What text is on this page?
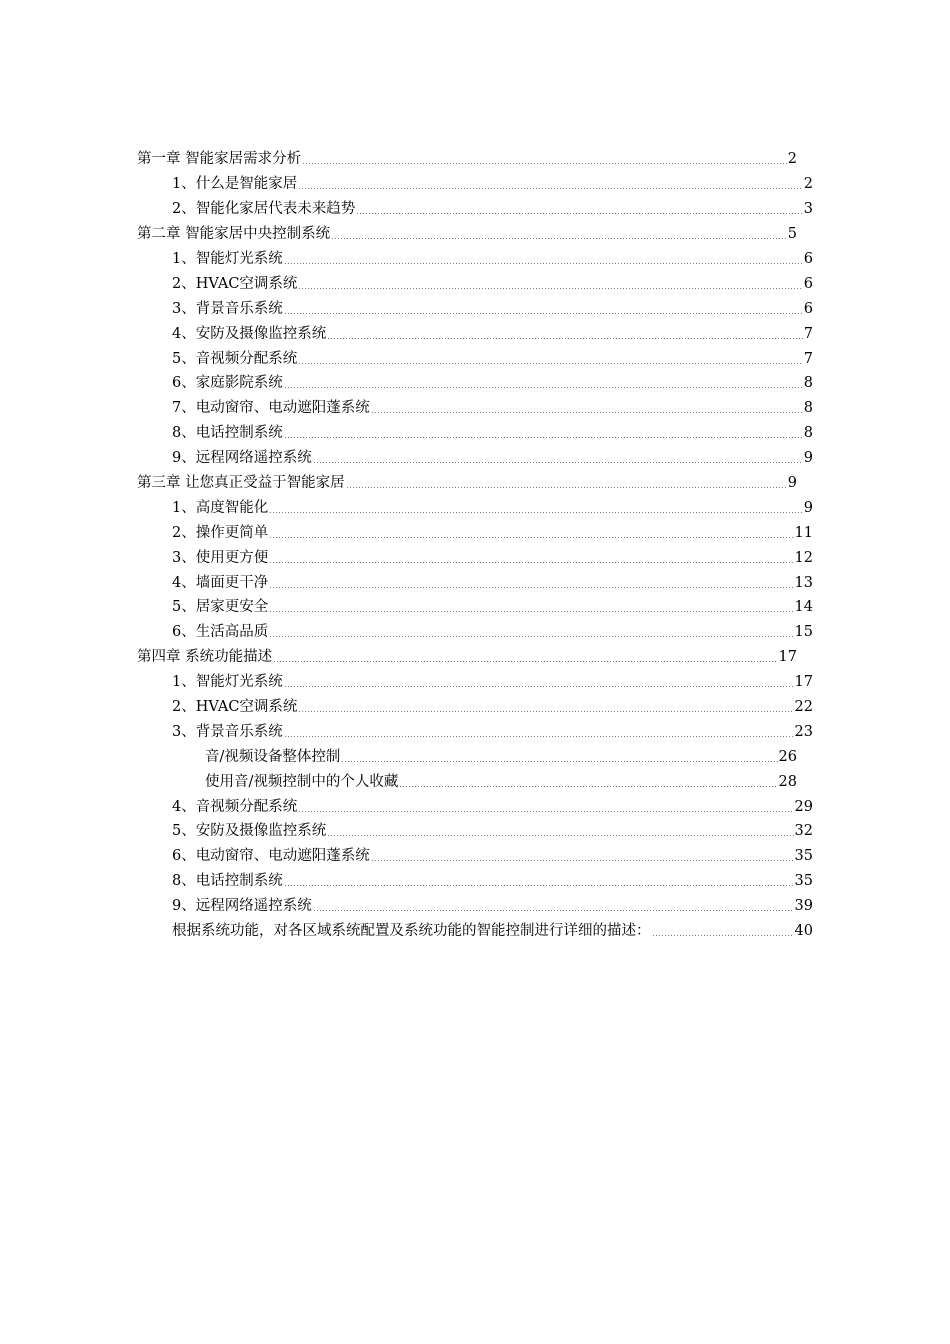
第一章 智能家居需求分析	2
1、什么是智能家居	2
2、智能化家居代表未来趋势	3
第二章 智能家居中央控制系统	5
1、智能灯光系统	6
2、HVAC空调系统	6
3、背景音乐系统	6
4、安防及摄像监控系统	7
5、音视频分配系统	7
6、家庭影院系统	8
7、电动窗帘、电动遮阳蓬系统	8
8、电话控制系统	8
9、远程网络遥控系统	9
第三章 让您真正受益于智能家居	9
1、高度智能化	9
2、操作更简单	11
3、使用更方便	12
4、墙面更干净	13
5、居家更安全	14
6、生活高品质	15
第四章 系统功能描述	17
1、智能灯光系统	17
2、HVAC空调系统	22
3、背景音乐系统	23
音/视频设备整体控制	26
使用音/视频控制中的个人收藏	28
4、音视频分配系统	29
5、安防及摄像监控系统	32
6、电动窗帘、电动遮阳蓬系统	35
8、电话控制系统	35
9、远程网络遥控系统	39
根据系统功能，对各区域系统配置及系统功能的智能控制进行详细的描述：	40
